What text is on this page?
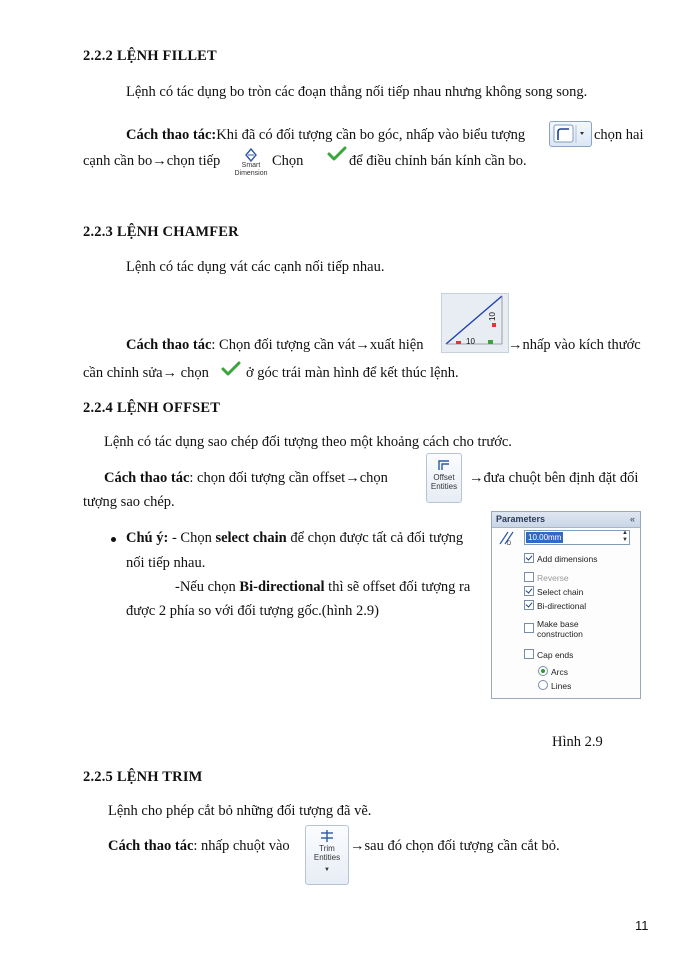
2.2.2 LỆNH FILLET
Lệnh có tác dụng bo tròn các đoạn thẳng nối tiếp nhau nhưng không song song.
Cách thao tác:Khi đã có đối tượng cần bo góc, nhấp vào biểu tượng	chọn hai
cạnh cần bo→chọn tiếp	Smart
Dimension
Chọn	để điều chỉnh bán kính cần bo.
2.2.3 LỆNH CHAMFER
Lệnh có tác dụng vát các cạnh nối tiếp nhau.
Cách thao tác: Chọn đối tượng cần vát→xuất hiện	10
10
→nhấp vào kích thước
cần chỉnh sửa→ chọn	ở góc trái màn hình để kết thúc lệnh.
2.2.4 LỆNH OFFSET
Lệnh có tác dụng sao chép đối tượng theo một khoảng cách cho trước.
Cách thao tác: chọn đối tượng cần offset→chọn	Offset
Entities
→đưa chuột bên định đặt đối
tượng sao chép.
Chú ý: - Chọn select chain để chọn được tất cả đối tượng
nối tiếp nhau.
-Nếu chọn Bi-directional thì sẽ offset đối tượng ra
được 2 phía so với đối tượng gốc.(hình 2.9)
Parameters	«
D
10.00mm	▲
▼
Add dimensions
Reverse
Select chain
Bi-directional
Make base
construction
Cap ends
Arcs
Lines
Hình 2.9
2.2.5 LỆNH TRIM
Lệnh cho phép cắt bỏ những đối tượng đã vẽ.
Cách thao tác: nhấp chuột vào	Trim
Entities
▼
→sau đó chọn đối tượng cần cắt bỏ.
11
